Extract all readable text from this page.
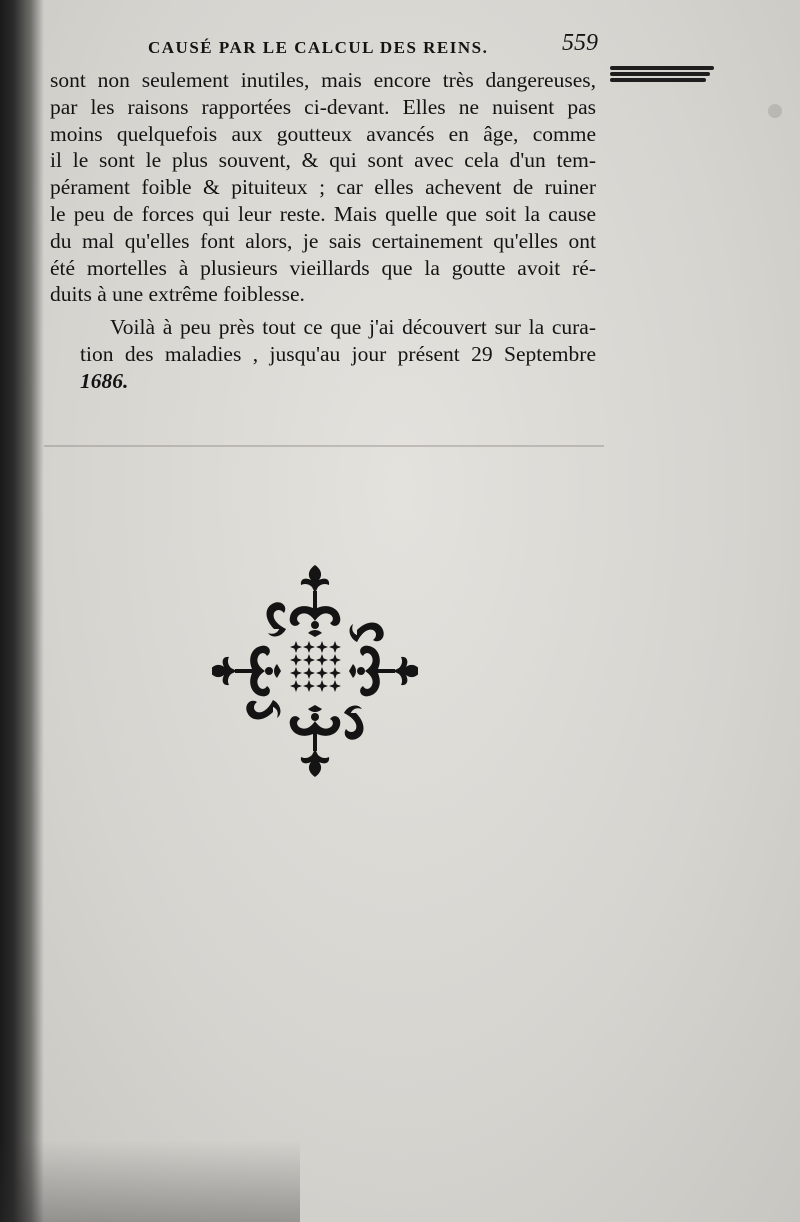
CAUSÉ PAR LE CALCUL DES REINS.	559

sont non seulement inutiles, mais encore très dangereuses,
par les raisons rapportées ci-devant. Elles ne nuisent pas
moins quelquefois aux goutteux avancés en âge, comme
il le sont le plus souvent, & qui sont avec cela d'un tem-
pérament foible & pituiteux ; car elles achevent de ruiner
le peu de forces qui leur reste. Mais quelle que soit la cause
du mal qu'elles font alors, je sais certainement qu'elles ont
été mortelles à plusieurs vieillards que la goutte avoit ré-
duits à une extrême foiblesse.

Voilà à peu près tout ce que j'ai découvert sur la cura-
tion des maladies , jusqu'au jour présent 29 Septembre
1686.
